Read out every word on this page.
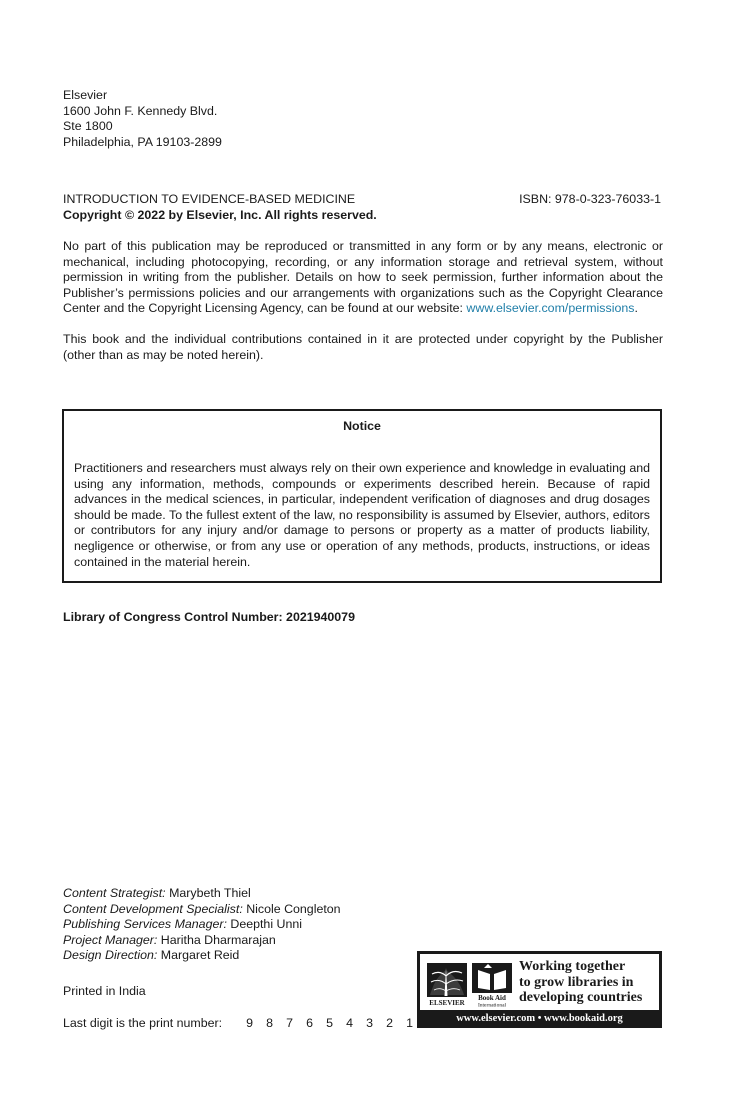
Elsevier
1600 John F. Kennedy Blvd.
Ste 1800
Philadelphia, PA 19103-2899
INTRODUCTION TO EVIDENCE-BASED MEDICINE	ISBN: 978-0-323-76033-1
Copyright © 2022 by Elsevier, Inc. All rights reserved.
No part of this publication may be reproduced or transmitted in any form or by any means, electronic or mechanical, including photocopying, recording, or any information storage and retrieval system, without permission in writing from the publisher. Details on how to seek permission, further information about the Publisher’s permissions policies and our arrangements with organizations such as the Copyright Clearance Center and the Copyright Licensing Agency, can be found at our website: www.elsevier.com/permissions.
This book and the individual contributions contained in it are protected under copyright by the Publisher (other than as may be noted herein).
Notice
Practitioners and researchers must always rely on their own experience and knowledge in evaluating and using any information, methods, compounds or experiments described herein. Because of rapid advances in the medical sciences, in particular, independent verification of diagnoses and drug dosages should be made. To the fullest extent of the law, no responsibility is assumed by Elsevier, authors, editors or contributors for any injury and/or damage to persons or property as a matter of products liability, negligence or otherwise, or from any use or operation of any methods, products, instructions, or ideas contained in the material herein.
Library of Congress Control Number: 2021940079
Content Strategist: Marybeth Thiel
Content Development Specialist: Nicole Congleton
Publishing Services Manager: Deepthi Unni
Project Manager: Haritha Dharmarajan
Design Direction: Margaret Reid
Printed in India
Last digit is the print number: 9 8 7 6 5 4 3 2 1
ELSEVIER
Book Aid
International
Working together
to grow libraries in
developing countries
www.elsevier.com • www.bookaid.org
